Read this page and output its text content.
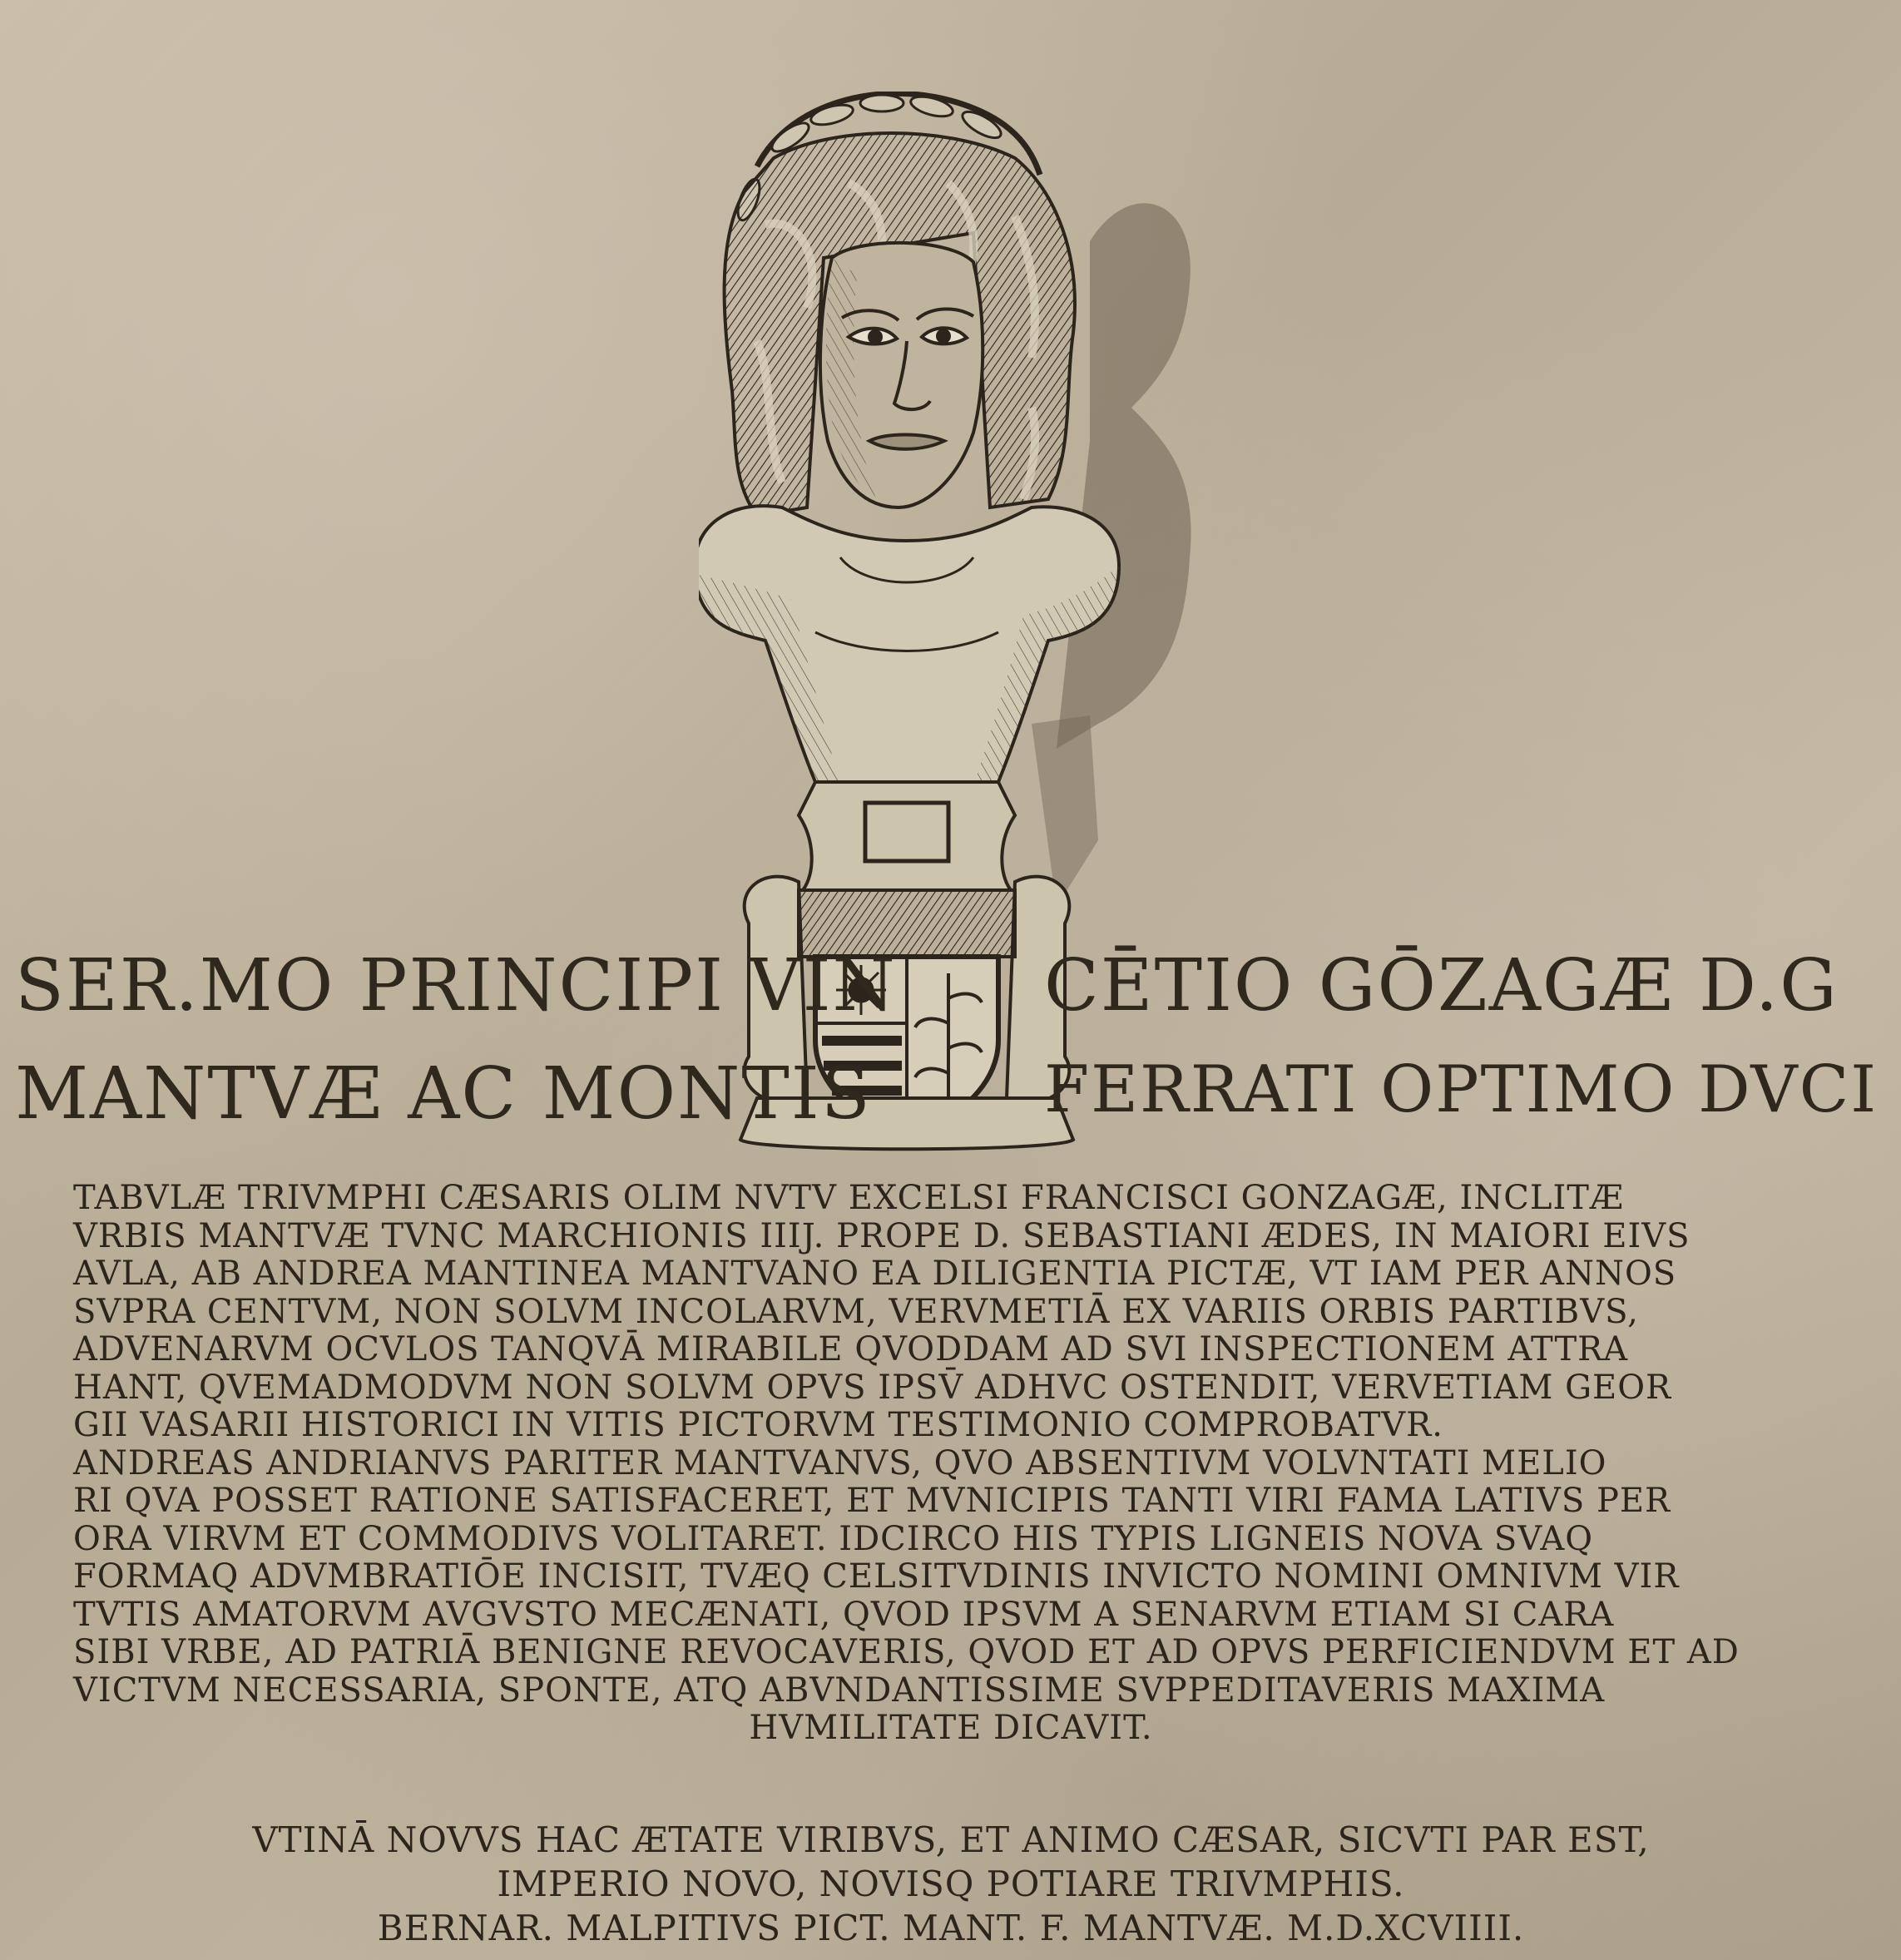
SER.MO PRINCIPI VIN
MANTVÆ AC MONTIS
CĒTIO GŌZAGÆ D.G
FERRATI OPTIMO DVCI
TABVLÆ TRIVMPHI CÆSARIS OLIM NVTV EXCELSI FRANCISCI GONZAGÆ, INCLITÆ
VRBIS MANTVÆ TVNC MARCHIONIS IIIJ. PROPE D. SEBASTIANI ÆDES, IN MAIORI EIVS
AVLA, AB ANDREA MANTINEA MANTVANO EA DILIGENTIA PICTÆ, VT IAM PER ANNOS
SVPRA CENTVM, NON SOLVM INCOLARVM, VERVMETIĀ EX VARIIS ORBIS PARTIBVS,
ADVENARVM OCVLOS TANQVĀ MIRABILE QVODDAM AD SVI INSPECTIONEM ATTRA
HANT, QVEMADMODVM NON SOLVM OPVS IPSV̄ ADHVC OSTENDIT, VERVETIAM GEOR
GII VASARII HISTORICI IN VITIS PICTORVM TESTIMONIO COMPROBATVR.
ANDREAS ANDRIANVS PARITER MANTVANVS, QVO ABSENTIVM VOLVNTATI MELIO
RI QVA POSSET RATIONE SATISFACERET, ET MVNICIPIS TANTI VIRI FAMA LATIVS PER
ORA VIRVM ET COMMODIVS VOLITARET. IDCIRCO HIS TYPIS LIGNEIS NOVA SVAQ
FORMAQ ADVMBRATIŌE INCISIT, TVÆQ CELSITVDINIS INVICTO NOMINI OMNIVM VIR
TVTIS AMATORVM AVGVSTO MECÆNATI, QVOD IPSVM A SENARVM ETIAM SI CARA
SIBI VRBE, AD PATRIĀ BENIGNE REVOCAVERIS, QVOD ET AD OPVS PERFICIENDVM ET AD
VICTVM NECESSARIA, SPONTE, ATQ ABVNDANTISSIME SVPPEDITAVERIS MAXIMA
HVMILITATE DICAVIT.
VTINĀ NOVVS HAC ÆTATE VIRIBVS, ET ANIMO CÆSAR, SICVTI PAR EST,
IMPERIO NOVO, NOVISQ POTIARE TRIVMPHIS.
BERNAR. MALPITIVS PICT. MANT. F. MANTVÆ. M.D.XCVIIII.
